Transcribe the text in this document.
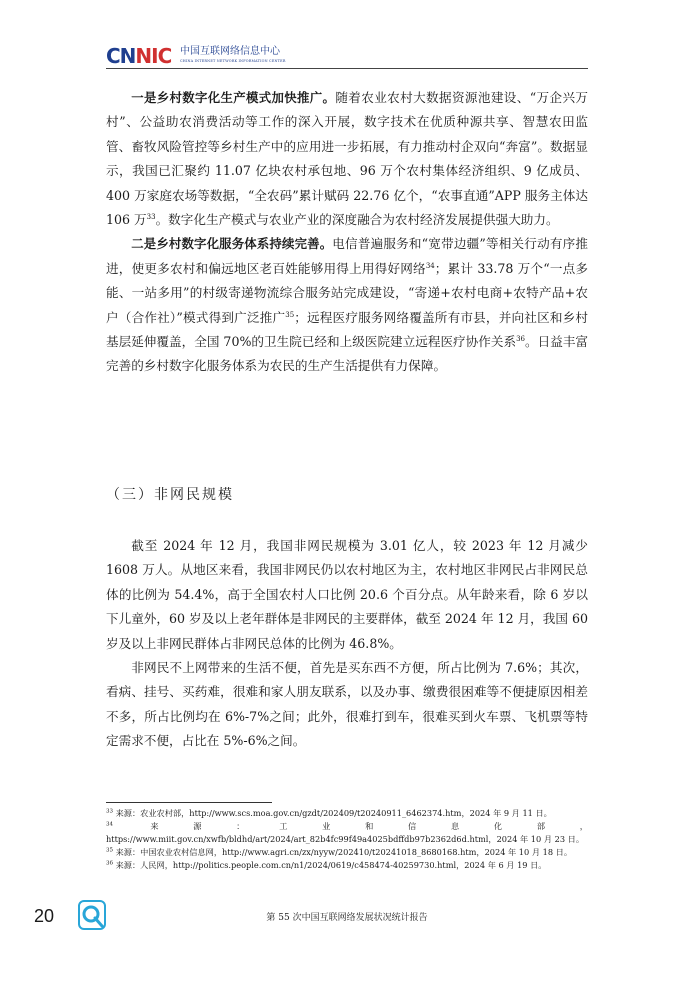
CNNIC 中国互联网络信息中心
CHINA INTERNET NETWORK INFORMATION CENTER

一是乡村数字化生产模式加快推广。随着农业农村大数据资源池建设、“万企兴万村”、公益助农消费活动等工作的深入开展，数字技术在优质种源共享、智慧农田监管、畜牧风险管控等乡村生产中的应用进一步拓展，有力推动村企双向“奔富”。数据显示，我国已汇聚约 11.07 亿块农村承包地、96 万个农村集体经济组织、9 亿成员、400 万家庭农场等数据，“全农码”累计赋码 22.76 亿个，“农事直通”APP 服务主体达 106 万$^{33}$。数字化生产模式与农业产业的深度融合为农村经济发展提供强大助力。

二是乡村数字化服务体系持续完善。电信普遍服务和“宽带边疆”等相关行动有序推进，使更多农村和偏远地区老百姓能够用得上用得好网络$^{34}$；累计 33.78 万个“一点多能、一站多用”的村级寄递物流综合服务站完成建设，“寄递+农村电商+农特产品+农户（合作社）”模式得到广泛推广$^{35}$；远程医疗服务网络覆盖所有市县，并向社区和乡村基层延伸覆盖，全国 70%的卫生院已经和上级医院建立远程医疗协作关系$^{36}$。日益丰富完善的乡村数字化服务体系为农民的生产生活提供有力保障。

（三）非网民规模

截至 2024 年 12 月，我国非网民规模为 3.01 亿人，较 2023 年 12 月减少 1608 万人。从地区来看，我国非网民仍以农村地区为主，农村地区非网民占非网民总体的比例为 54.4%，高于全国农村人口比例 20.6 个百分点。从年龄来看，除 6 岁以下儿童外，60 岁及以上老年群体是非网民的主要群体，截至 2024 年 12 月，我国 60 岁及以上非网民群体占非网民总体的比例为 46.8%。

非网民不上网带来的生活不便，首先是买东西不方便，所占比例为 7.6%；其次，看病、挂号、买药难，很难和家人朋友联系，以及办事、缴费很困难等不便捷原因相差不多，所占比例均在 6%-7%之间；此外，很难打到车，很难买到火车票、飞机票等特定需求不便，占比在 5%-6%之间。

$^{33}$ 来源：农业农村部，http://www.scs.moa.gov.cn/gzdt/202409/t20240911_6462374.htm，2024 年 9 月 11 日。

$^{34}$	来源：工业和信息化部，https://www.miit.gov.cn/xwfb/bldhd/art/2024/art_82b4fc99f49a4025bdffdb97b2362d6d.html，2024 年 10 月 23 日。

$^{35}$ 来源：中国农业农村信息网，http://www.agri.cn/zx/nyyw/202410/t20241018_8680168.htm，2024 年 10 月 18 日。

$^{36}$ 来源：人民网，http://politics.people.com.cn/n1/2024/0619/c458474-40259730.html，2024 年 6 月 19 日。

20	第 55 次中国互联网络发展状况统计报告
